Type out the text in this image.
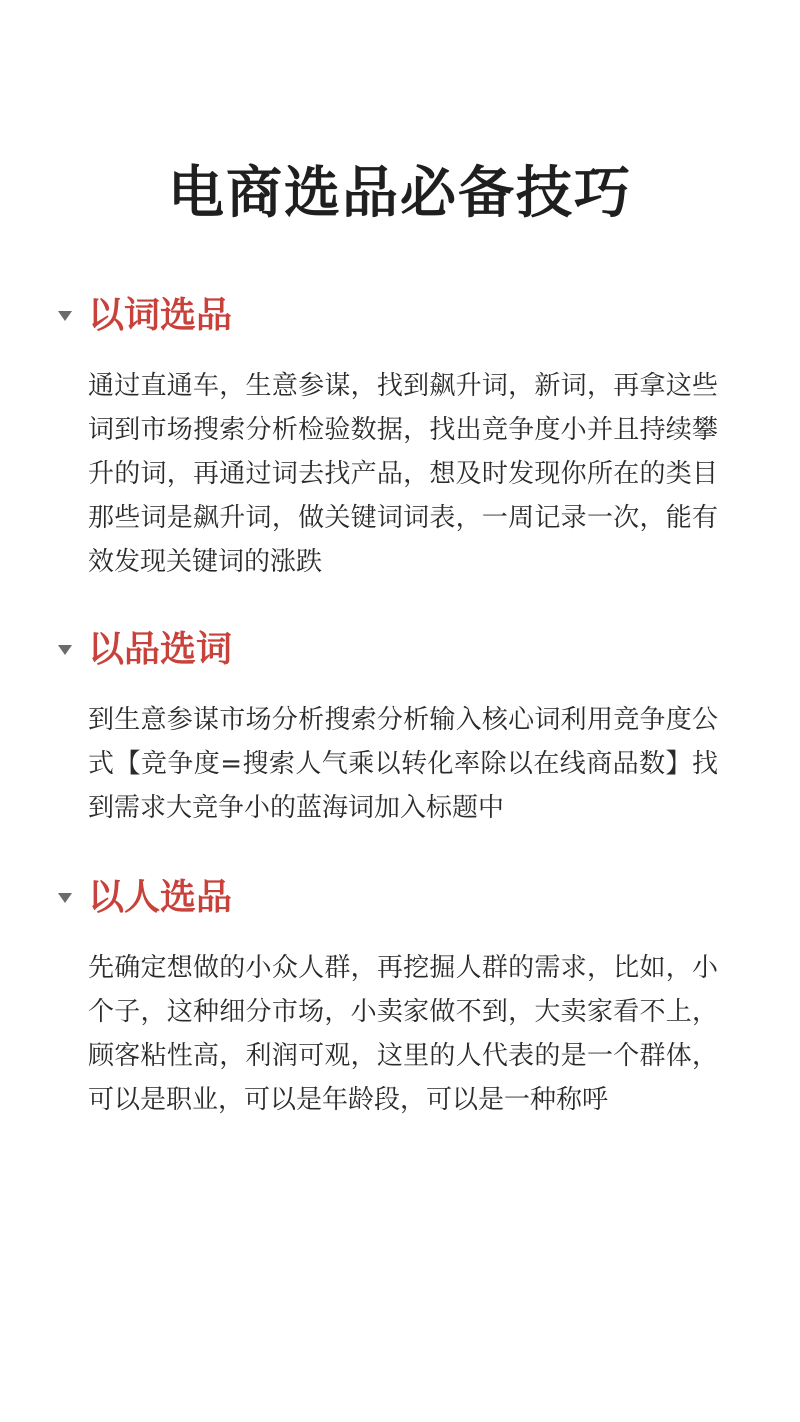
电商选品必备技巧
以词选品

通过直通车，生意参谋，找到飙升词，新词，再拿这些词到市场搜索分析检验数据，找出竞争度小并且持续攀升的词，再通过词去找产品，想及时发现你所在的类目那些词是飙升词，做关键词词表，一周记录一次，能有效发现关键词的涨跌

以品选词

到生意参谋市场分析搜索分析输入核心词利用竞争度公式【竞争度=搜索人气乘以转化率除以在线商品数】找到需求大竞争小的蓝海词加入标题中

以人选品

先确定想做的小众人群，再挖掘人群的需求，比如，小个子，这种细分市场，小卖家做不到，大卖家看不上，顾客粘性高，利润可观，这里的人代表的是一个群体，可以是职业，可以是年龄段，可以是一种称呼
